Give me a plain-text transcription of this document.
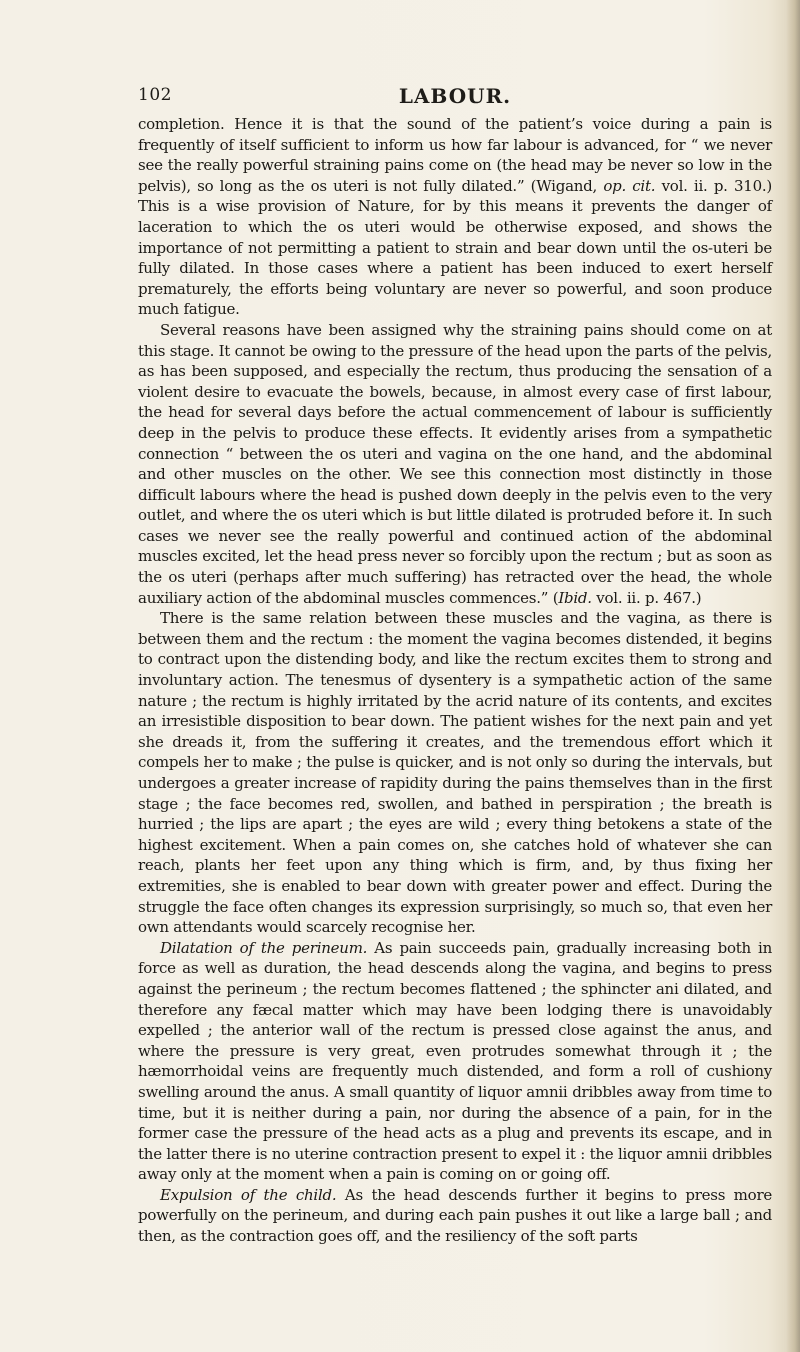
102	LABOUR.

completion. Hence it is that the sound of the patient’s voice during a pain is frequently of itself sufficient to inform us how far labour is advanced, for “ we never see the really powerful straining pains come on (the head may be never so low in the pelvis), so long as the os uteri is not fully dilated.” (Wigand, op. cit. vol. ii. p. 310.) This is a wise provision of Nature, for by this means it prevents the danger of laceration to which the os uteri would be otherwise exposed, and shows the importance of not permitting a patient to strain and bear down until the os-uteri be fully dilated. In those cases where a patient has been induced to exert herself prematurely, the efforts being voluntary are never so powerful, and soon produce much fatigue.

Several reasons have been assigned why the straining pains should come on at this stage. It cannot be owing to the pressure of the head upon the parts of the pelvis, as has been supposed, and especially the rectum, thus producing the sensation of a violent desire to evacuate the bowels, because, in almost every case of first labour, the head for several days before the actual commencement of labour is sufficiently deep in the pelvis to produce these effects. It evidently arises from a sympathetic connection “ between the os uteri and vagina on the one hand, and the abdominal and other muscles on the other. We see this connection most distinctly in those difficult labours where the head is pushed down deeply in the pelvis even to the very outlet, and where the os uteri which is but little dilated is protruded before it. In such cases we never see the really powerful and continued action of the abdominal muscles excited, let the head press never so forcibly upon the rectum ; but as soon as the os uteri (perhaps after much suffering) has retracted over the head, the whole auxiliary action of the abdominal muscles commences.” (Ibid. vol. ii. p. 467.)

There is the same relation between these muscles and the vagina, as there is between them and the rectum : the moment the vagina becomes distended, it begins to contract upon the distending body, and like the rectum excites them to strong and involuntary action. The tenesmus of dysentery is a sympathetic action of the same nature ; the rectum is highly irritated by the acrid nature of its contents, and excites an irresistible disposition to bear down. The patient wishes for the next pain and yet she dreads it, from the suffering it creates, and the tremendous effort which it compels her to make ; the pulse is quicker, and is not only so during the intervals, but undergoes a greater increase of rapidity during the pains themselves than in the first stage ; the face becomes red, swollen, and bathed in perspiration ; the breath is hurried ; the lips are apart ; the eyes are wild ; every thing betokens a state of the highest excitement. When a pain comes on, she catches hold of whatever she can reach, plants her feet upon any thing which is firm, and, by thus fixing her extremities, she is enabled to bear down with greater power and effect. During the struggle the face often changes its expression surprisingly, so much so, that even her own attendants would scarcely recognise her.

Dilatation of the perineum. As pain succeeds pain, gradually increasing both in force as well as duration, the head descends along the vagina, and begins to press against the perineum ; the rectum becomes flattened ; the sphincter ani dilated, and therefore any fæcal matter which may have been lodging there is unavoidably expelled ; the anterior wall of the rectum is pressed close against the anus, and where the pressure is very great, even protrudes somewhat through it ; the hæmorrhoidal veins are frequently much distended, and form a roll of cushiony swelling around the anus. A small quantity of liquor amnii dribbles away from time to time, but it is neither during a pain, nor during the absence of a pain, for in the former case the pressure of the head acts as a plug and prevents its escape, and in the latter there is no uterine contraction present to expel it : the liquor amnii dribbles away only at the moment when a pain is coming on or going off.

Expulsion of the child. As the head descends further it begins to press more powerfully on the perineum, and during each pain pushes it out like a large ball ; and then, as the contraction goes off, and the resiliency of the soft parts
